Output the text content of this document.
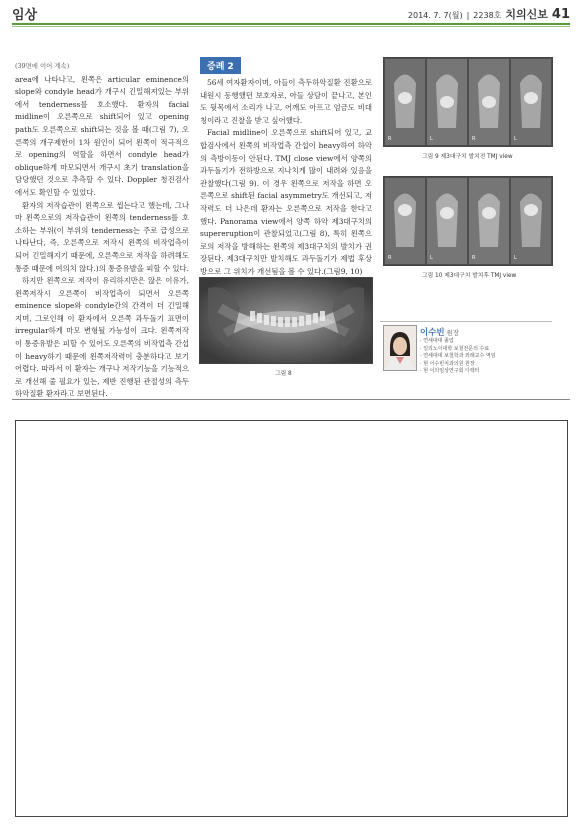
임상	2014. 7. 7(월) | 2238호 치의신보 41

(39면에 이어 계속)

area에 나타나고, 왼쪽은 articular eminence의 slope와 condyle head가 개구시 긴밀해져있는 부위에서 tenderness를 호소했다. 환자의 facial midline이 오른쪽으로 shift되어 있고 opening path도 오른쪽으로 shift되는 것을 볼 때(그림 7), 오른쪽의 개구제한이 1차 원인이 되어 왼쪽이 적극적으로 opening의 역할을 하면서 condyle head가 oblique하게 마모되면서 개구시 초기 translation을 담당했던 것으로 추측할 수 있다. Doppler 청진검사에서도 확인할 수 있었다.

환자의 저작습관이 왼쪽으로 씹는다고 했는데, 그나마 왼쪽으로의 저작습관이 왼쪽의 tenderness를 호소하는 부위(이 부위의 tenderness는 주로 급성으로 나타난다, 즉, 오른쪽으로 저작시 왼쪽의 비작업측이 되어 긴밀해지기 때문에, 오른쪽으로 저작을 하려해도 통증 때문에 여의치 않다.)의 통증유발을 피할 수 있다.

하지만 왼쪽으로 저작이 유리하지만은 않은 이유가, 왼쪽저작시 오른쪽이 비작업측이 되면서 오른쪽 eminence slope와 condyle간의 간격이 더 긴밀해지며, 그로인해 이 환자에서 오른쪽 과두돌기 표면이 irregular하게 마모 변형될 가능성이 크다. 왼쪽저작이 통증유발은 피할 수 있어도 오른쪽의 비작업측 간섭이 heavy하기 때문에 왼쪽저작력이 충분하다고 보기 어렵다. 따라서 이 환자는 개구나 저작기능을 기능적으로 개선해 줄 필요가 있는, 제반 진행된 관절성의 측두하악질환 환자라고 보면된다.

증례 2

56세 여자환자이며, 아들이 측두하악질환 진환으로 내원시 동행했던 보호자로, 아들 상담이 끝나고, 본인도 뒷목에서 소리가 나고, 어깨도 아프고 엄금도 비대칭이라고 진찰을 받고 싶어했다.

Facial midline이 오른쪽으로 shift되어 있고, 교합검사에서 왼쪽의 비작업측 간섭이 heavy하여 하악의 측방이동이 안된다. TMJ close view에서 양쪽의 과두돌기가 전하방으로 지나치게 많이 내려와 있음을 관찰했다(그림 9). 이 경우 왼쪽으로 저작을 하면 오른쪽으로 shift된 facial asymmetry도 개선되고, 저작력도 더 나은데 환자는 오른쪽으로 저작을 한다고 했다. Panorama view에서 양쪽 하악 제3대구치의 supereruption이 관찰되었고(그림 8), 특히 왼쪽으로의 저작을 방해하는 왼쪽의 제3대구치의 발치가 권장된다. 제3대구치만 발치해도 과두돌기가 제법 후상방으로 그 위치가 개선됨을 볼 수 있다.(그림9, 10)

그림 8
R	L	R	L
그림 9 제3대구치 발치전 TMJ view
R	L	R	L
그림 10 제3대구치 발치후 TMJ view
이수빈 원장
· 연세대대 졸업
· 일리노이대학 보철전문의 수료
· 연세대대 보철학과 외래교수 역임
· 현 이수빈치과의원 원장
· 현 이의임상연구회 디렉터
